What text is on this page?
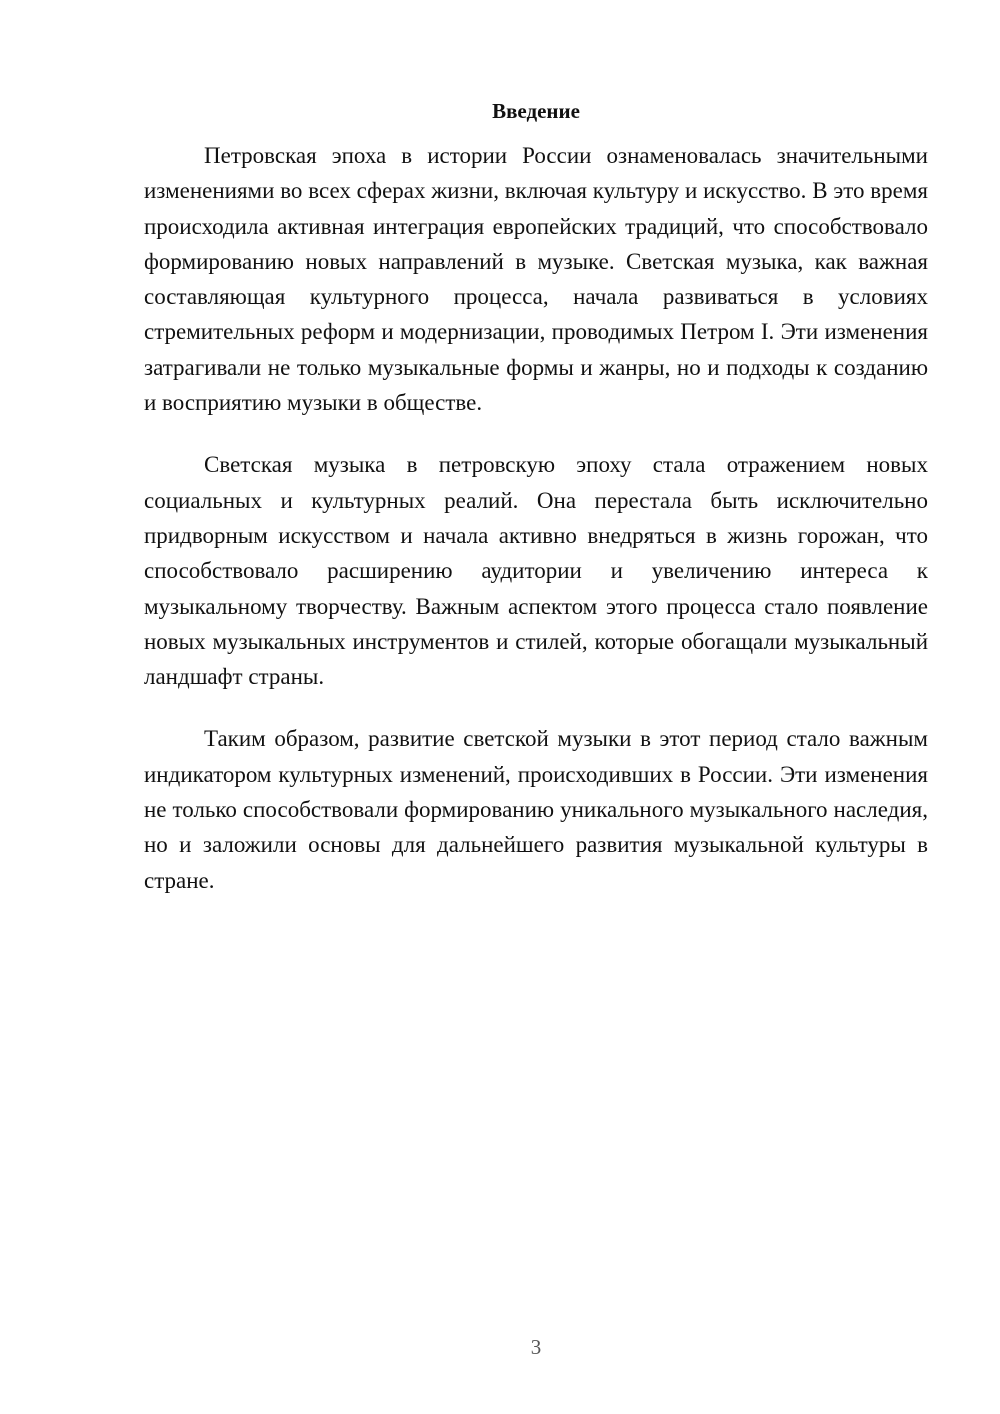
Введение

Петровская эпоха в истории России ознаменовалась значительными изменениями во всех сферах жизни, включая культуру и искусство. В это время происходила активная интеграция европейских традиций, что способствовало формированию новых направлений в музыке. Светская музыка, как важная составляющая культурного процесса, начала развиваться в условиях стремительных реформ и модернизации, проводимых Петром I. Эти изменения затрагивали не только музыкальные формы и жанры, но и подходы к созданию и восприятию музыки в обществе.

Светская музыка в петровскую эпоху стала отражением новых социальных и культурных реалий. Она перестала быть исключительно придворным искусством и начала активно внедряться в жизнь горожан, что способствовало расширению аудитории и увеличению интереса к музыкальному творчеству. Важным аспектом этого процесса стало появление новых музыкальных инструментов и стилей, которые обогащали музыкальный ландшафт страны.

Таким образом, развитие светской музыки в этот период стало важным индикатором культурных изменений, происходивших в России. Эти изменения не только способствовали формированию уникального музыкального наследия, но и заложили основы для дальнейшего развития музыкальной культуры в стране.

3
